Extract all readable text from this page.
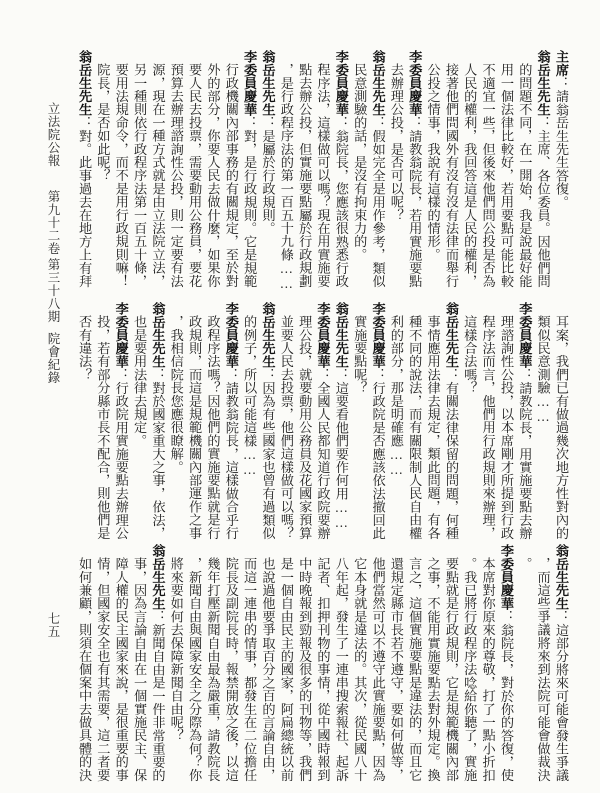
立法院公報
第九十二卷
第三十八期
院會紀錄
七五
主席：請翁岳生先生答復。
翁岳生先生：主席、各位委員。因他們問
的問題不同，在一開始，我是說最好能
用一個法律比較好，若用要點可能比較
不適宜一些，但後來他們問公投是否為
人民的權利，我回答這是人民的權利，
接著他們問國外有沒有沒有法律而舉行
公投之情事，我說有這樣的情形。
李委員慶華：請教翁院長，若用實施要點
去辦理公投，是否可以呢？
翁岳生先生：假如完全是用作參考，類似
民意測驗的話，是沒有拘束力的。
李委員慶華：翁院長，您應該很熟悉行政
程序法，這樣做可以嗎？現在用實施要
點去辦公投，但實施要點屬於行政規劃
，是行政程序法的第一百五十九條……
翁岳生先生：是屬於行政規則。
李委員慶華：對，是行政規則。它是規範
行政機關內部事務的有關規定，至於對
外的部分，你要人民去做什麼，如果你
要人民去投票，需要動用公務員，要花
預算去辦理諮詢性公投，則一定要有法
源，現在一種方式就是由立法院立法，
另一種則依行政程序法第一百五十條，
要用法規命令，而不是用行政規則嘛！
院長，是否如此呢？
翁岳生先生：對。此事過去在地方上有拜
耳案，我們已有做過幾次地方性對內的
類似民意測驗……
李委員慶華：請教院長，用實施要點去辦
理諮詢性公投，以本席剛才所提到行政
程序法而言，他們用行政規則來辦理，
這樣合法嗎？
翁岳生先生：有關法律保留的問題，何種
事情應用法律去規定，類此問題，有各
種不同的說法，而有關限制人民自由權
利的部分，那是明確應……
李委員慶華：行政院是否應該依法撤回此
實施要點呢？
翁岳生先生：這要看他們要作何用……
李委員慶華：全國人民都知道行政院要辦
理公投，就要動用公務員及花國家預算
並要人民去投票，他們這樣做可以嗎？
翁岳生先生：因為有些國家也曾有過類似
的例子，所以可能這樣……
李委員慶華：請教翁院長，這樣做合乎行
政程序法嗎？因他們的實施要點就是行
政規則，而這是規範機關內部運作之事
，我相信院長您應很瞭解。
翁岳生先生：對於國家重大之事，依法，
也是要用法律去規定。
李委員慶華：行政院用實施要點去辦理公
投，若有部分縣市長不配合，則他們是
否有違法？
翁岳生先生：這部分將來可能會發生爭議
，而這些爭議將來到法院可能會做裁決
。
李委員慶華：翁院長，對於你的答復，使
本席對你原來的尊敬，打了一點小折扣
。我已將行政程序法唸給你聽了，實施
要點就是行政規則，它是規範機關內部
之事，不能用實施要點去對外規定。換
言之，這個實施要點是違法的，而且它
還規定縣市長若不遵守，要如何做等，
他們當然可以不遵守此實施要點，因為
它本身就是違法的。其次，從民國八十
八年起，發生了一連串搜索報社、起訴
記者、扣押刊物的事情，從中國時報到
中時晚報到勁報及很多的刊物等，我們
是一個自由民主的國家，阿扁總統以前
也說過他要爭取百分之百的言論自由，
而這一連串的情事，都發生在二位擔任
院長及副院長時，報禁開放之後，以這
幾年打壓新聞自由最為嚴重，請教院長
，新聞自由與國家安全之分際為何？你
將來要如何去保障新聞自由呢？
翁岳生先生：新聞自由是一件非常重要的
事，因為言論自由在一個實施民主、保
障人權的民主國家來說，是很重要的事
情，但國家安全也有其需要，這二者要
如何兼顧，則須在個案中去做具體的決
